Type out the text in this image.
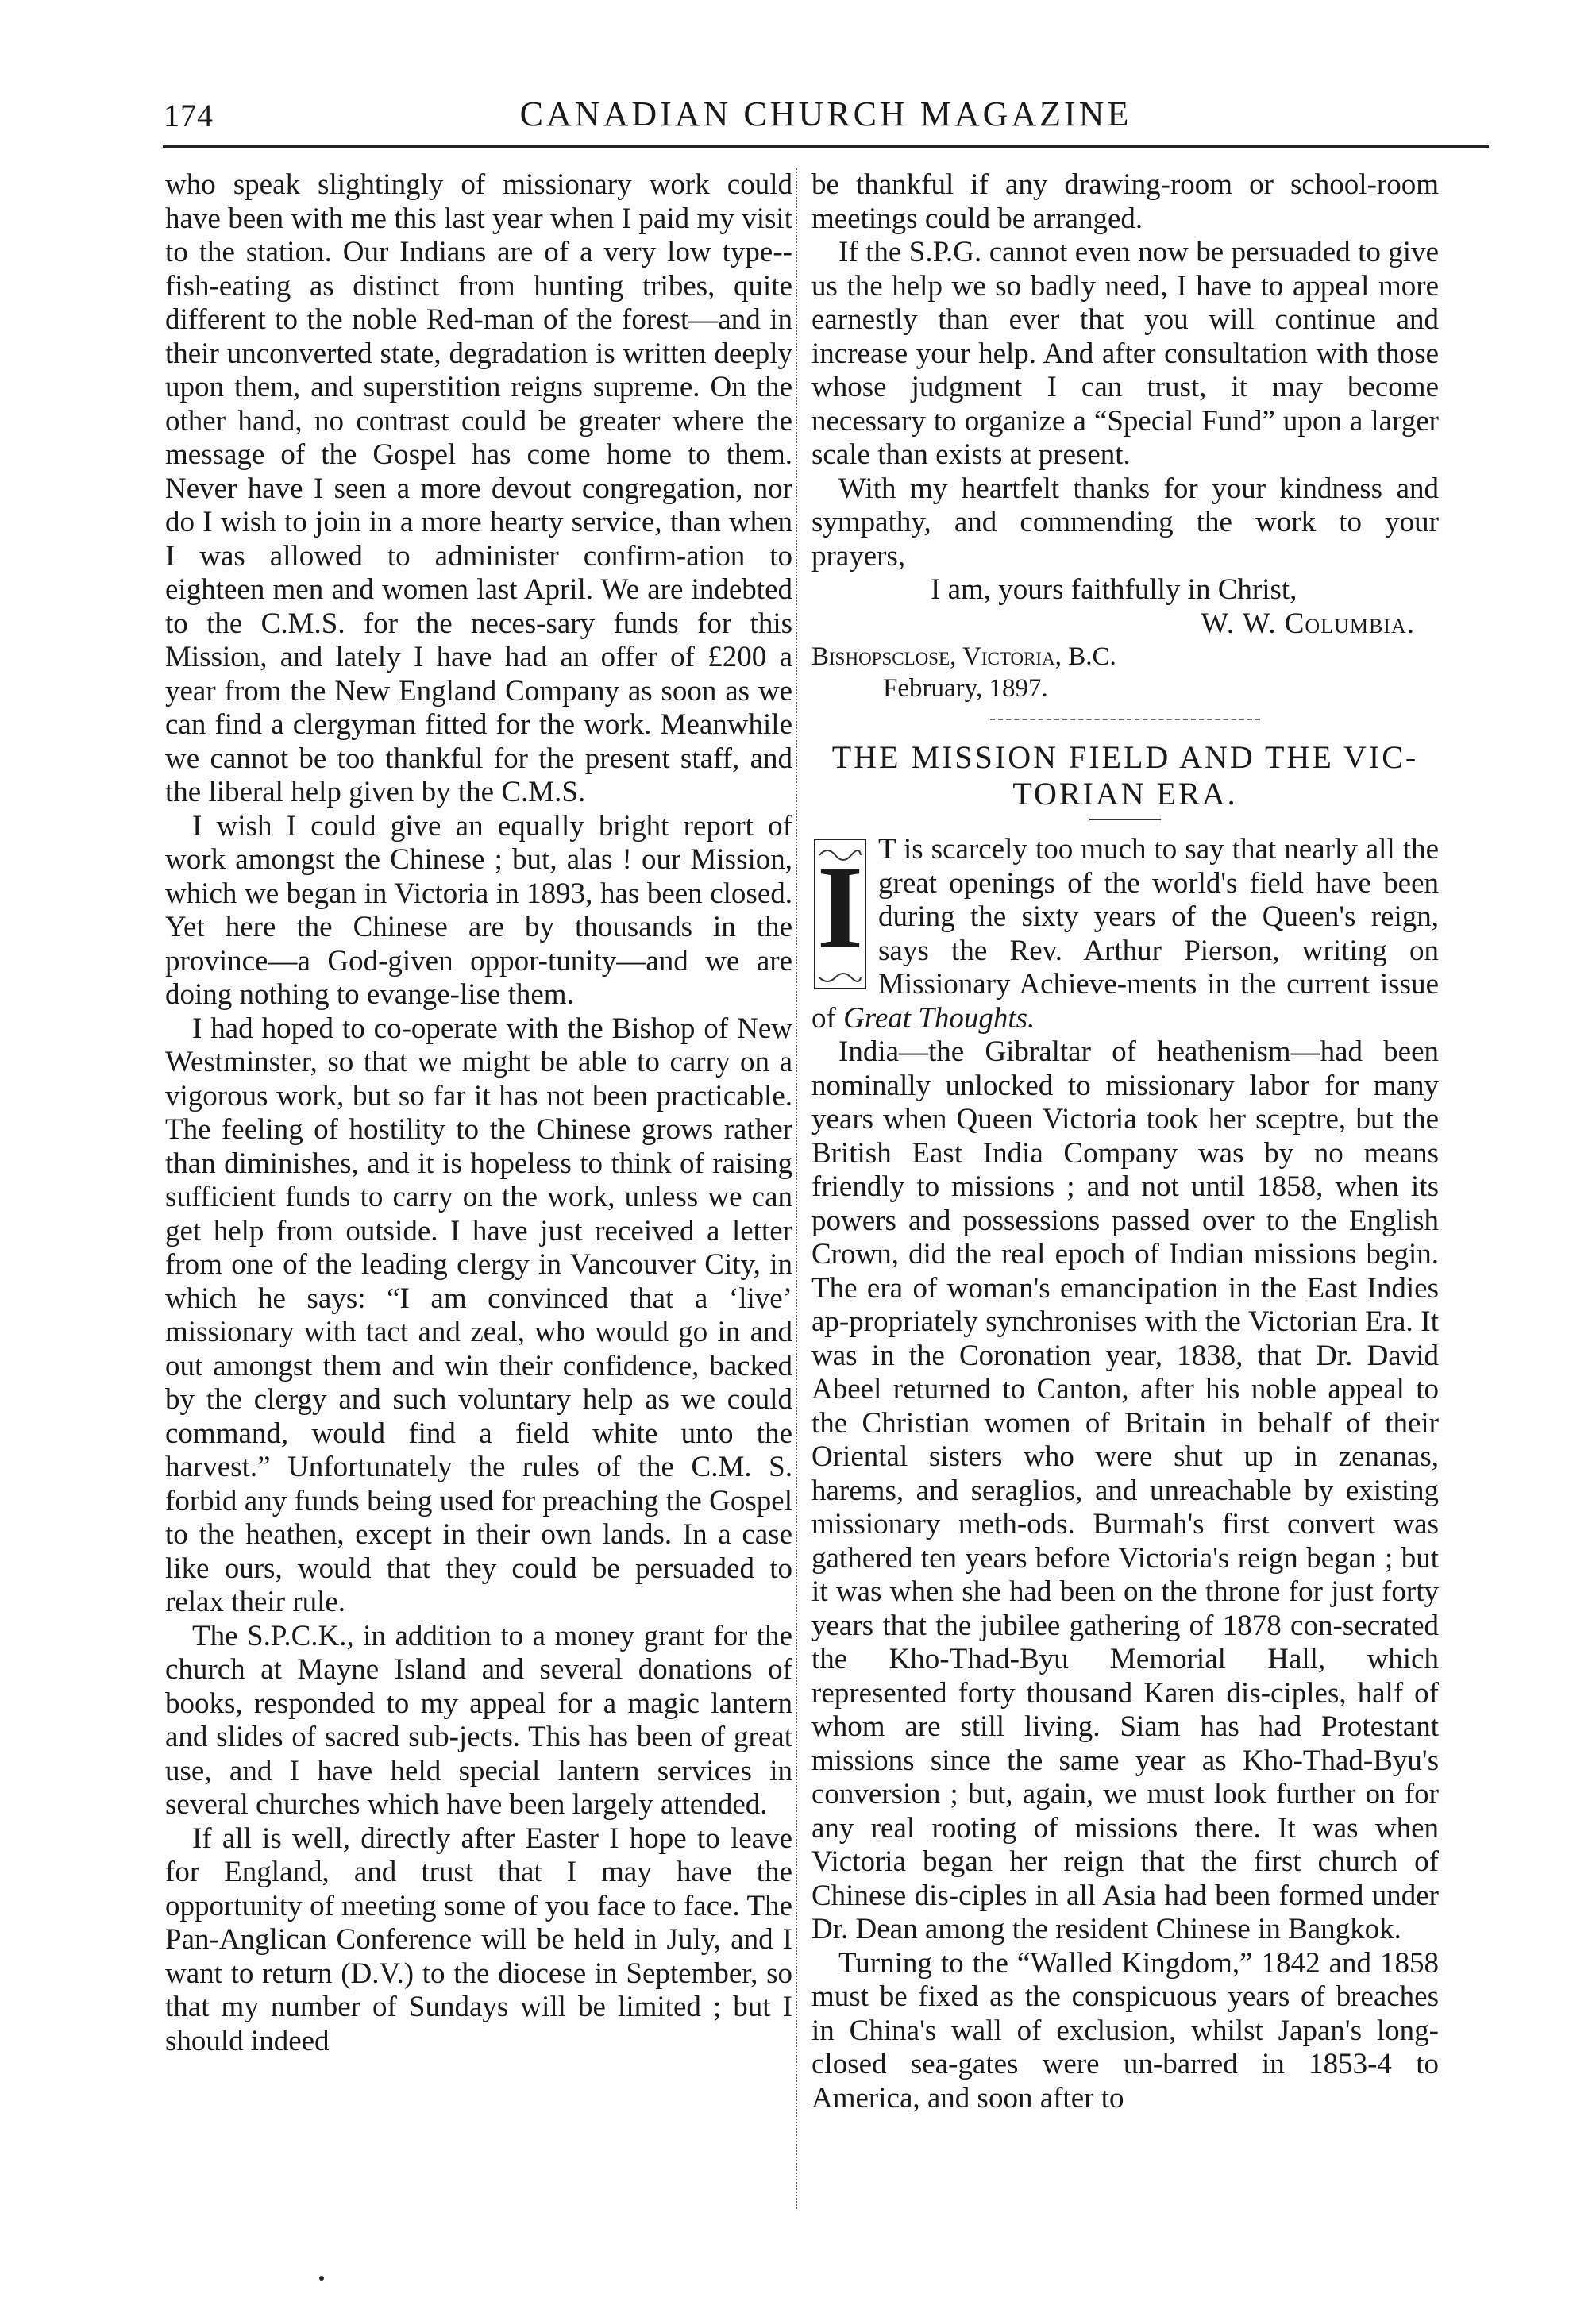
174	CANADIAN CHURCH MAGAZINE

who speak slightingly of missionary work could have been with me this last year when I paid my visit to the station. Our Indians are of a very low type--fish-eating as distinct from hunting tribes, quite different to the noble Red-man of the forest—and in their unconverted state, degradation is written deeply upon them, and superstition reigns supreme. On the other hand, no contrast could be greater where the message of the Gospel has come home to them. Never have I seen a more devout congregation, nor do I wish to join in a more hearty service, than when I was allowed to administer confirm-ation to eighteen men and women last April. We are indebted to the C.M.S. for the neces-sary funds for this Mission, and lately I have had an offer of £200 a year from the New England Company as soon as we can find a clergyman fitted for the work. Meanwhile we cannot be too thankful for the present staff, and the liberal help given by the C.M.S.

I wish I could give an equally bright report of work amongst the Chinese ; but, alas ! our Mission, which we began in Victoria in 1893, has been closed. Yet here the Chinese are by thousands in the province—a God-given oppor-tunity—and we are doing nothing to evange-lise them.

I had hoped to co-operate with the Bishop of New Westminster, so that we might be able to carry on a vigorous work, but so far it has not been practicable. The feeling of hostility to the Chinese grows rather than diminishes, and it is hopeless to think of raising sufficient funds to carry on the work, unless we can get help from outside. I have just received a letter from one of the leading clergy in Vancouver City, in which he says: “I am convinced that a ‘live’ missionary with tact and zeal, who would go in and out amongst them and win their confidence, backed by the clergy and such voluntary help as we could command, would find a field white unto the harvest.” Unfortunately the rules of the C.M. S. forbid any funds being used for preaching the Gospel to the heathen, except in their own lands. In a case like ours, would that they could be persuaded to relax their rule.

The S.P.C.K., in addition to a money grant for the church at Mayne Island and several donations of books, responded to my appeal for a magic lantern and slides of sacred sub-jects. This has been of great use, and I have held special lantern services in several churches which have been largely attended.

If all is well, directly after Easter I hope to leave for England, and trust that I may have the opportunity of meeting some of you face to face. The Pan-Anglican Conference will be held in July, and I want to return (D.V.) to the diocese in September, so that my number of Sundays will be limited ; but I should indeed

be thankful if any drawing-room or school-room meetings could be arranged.

If the S.P.G. cannot even now be persuaded to give us the help we so badly need, I have to appeal more earnestly than ever that you will continue and increase your help. And after consultation with those whose judgment I can trust, it may become necessary to organize a “Special Fund” upon a larger scale than exists at present.

With my heartfelt thanks for your kindness and sympathy, and commending the work to your prayers,

I am, yours faithfully in Christ,

W. W. Columbia.

Bishopsclose, Victoria, B.C.

February, 1897.

THE MISSION FIELD AND THE VIC-
TORIAN ERA.

I T is scarcely too much to say that nearly all the great openings of the world's field have been during the sixty years of the Queen's reign, says the Rev. Arthur Pierson, writing on Missionary Achieve-ments in the current issue of Great Thoughts.

India—the Gibraltar of heathenism—had been nominally unlocked to missionary labor for many years when Queen Victoria took her sceptre, but the British East India Company was by no means friendly to missions ; and not until 1858, when its powers and possessions passed over to the English Crown, did the real epoch of Indian missions begin. The era of woman's emancipation in the East Indies ap-propriately synchronises with the Victorian Era. It was in the Coronation year, 1838, that Dr. David Abeel returned to Canton, after his noble appeal to the Christian women of Britain in behalf of their Oriental sisters who were shut up in zenanas, harems, and seraglios, and unreachable by existing missionary meth-ods. Burmah's first convert was gathered ten years before Victoria's reign began ; but it was when she had been on the throne for just forty years that the jubilee gathering of 1878 con-secrated the Kho-Thad-Byu Memorial Hall, which represented forty thousand Karen dis-ciples, half of whom are still living. Siam has had Protestant missions since the same year as Kho-Thad-Byu's conversion ; but, again, we must look further on for any real rooting of missions there. It was when Victoria began her reign that the first church of Chinese dis-ciples in all Asia had been formed under Dr. Dean among the resident Chinese in Bangkok.

Turning to the “Walled Kingdom,” 1842 and 1858 must be fixed as the conspicuous years of breaches in China's wall of exclusion, whilst Japan's long-closed sea-gates were un-barred in 1853-4 to America, and soon after to
